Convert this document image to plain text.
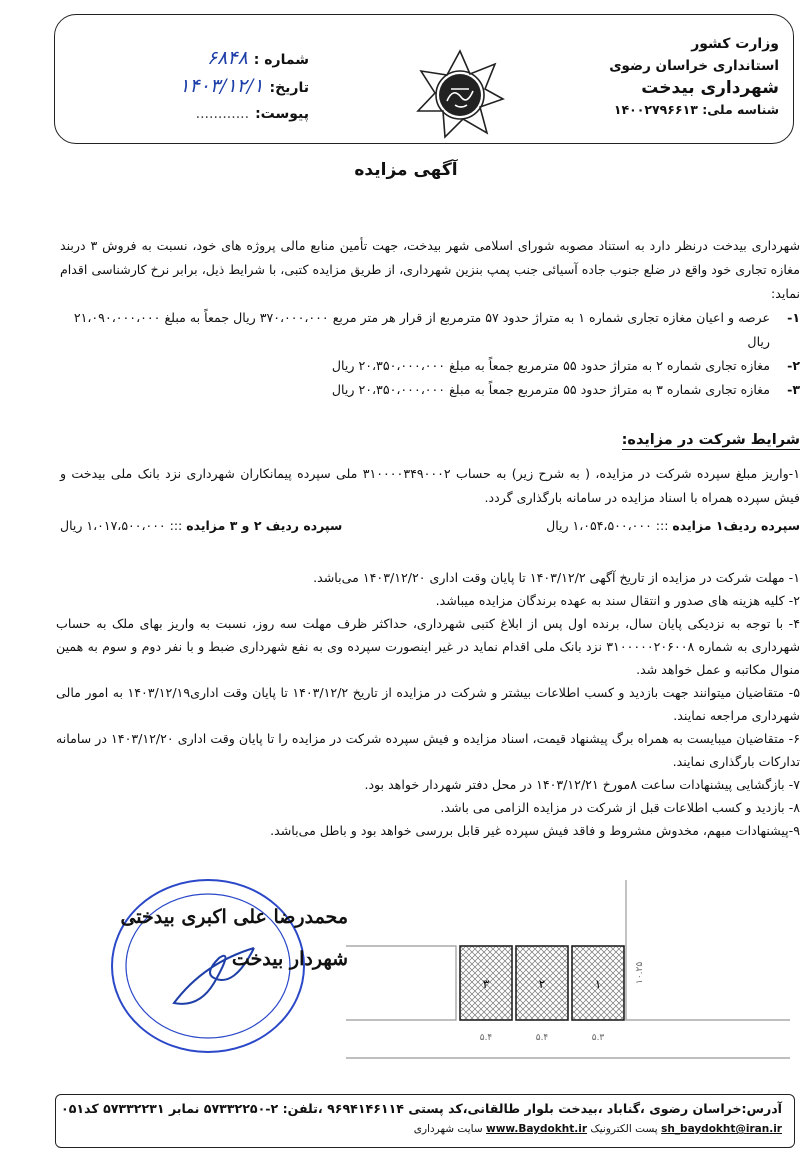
وزارت کشور
استانداری خراسان رضوی
شهرداری بیدخت
شناسه ملی: ۱۴۰۰۲۷۹۶۶۱۳
شماره :
۶۸۴۸
تاریخ:
۱۴۰۳/۱۲/۱
پیوست:
............
آگهی مزایده
شهرداری بیدخت درنظر دارد به استناد مصوبه شورای اسلامی شهر بیدخت، جهت تأمین منابع مالی پروژه های خود، نسبت به فروش ۳ دربند مغازه تجاری خود واقع در ضلع جنوب جاده آسیائی جنب پمپ بنزین شهرداری، از طریق مزایده کتبی، با شرایط ذیل، برابر نرخ کارشناسی اقدام نماید:
۱-
عرصه و اعیان مغازه تجاری شماره ۱ به متراژ حدود ۵۷ مترمربع از قرار هر متر مربع ۳۷۰،۰۰۰،۰۰۰ ریال جمعاً به مبلغ ۲۱،۰۹۰،۰۰۰،۰۰۰ ریال
۲-
مغازه تجاری شماره ۲ به متراژ حدود ۵۵ مترمربع جمعاً به مبلغ ۲۰،۳۵۰،۰۰۰،۰۰۰ ریال
۳-
مغازه تجاری شماره ۳ به متراژ حدود ۵۵ مترمربع جمعاً به مبلغ ۲۰،۳۵۰،۰۰۰،۰۰۰ ریال
شرایط شرکت در مزایده:
۱-واریز مبلغ سپرده شرکت در مزایده، ( به شرح زیر) به حساب ۳۱۰۰۰۰۳۴۹۰۰۰۲ ملی سپرده پیمانکاران شهرداری نزد بانک ملی بیدخت و فیش سپرده همراه با اسناد مزایده در سامانه بارگذاری گردد.
سپرده ردیف۱ مزایده ::: ۱،۰۵۴،۵۰۰،۰۰۰ ریال
سپرده ردیف ۲ و ۳ مزایده ::: ۱،۰۱۷،۵۰۰،۰۰۰ ریال
۱- مهلت شرکت در مزایده از تاریخ آگهی ۱۴۰۳/۱۲/۲ تا پایان وقت اداری ۱۴۰۳/۱۲/۲۰ می‌باشد.
۲- کلیه هزینه های صدور و انتقال سند به عهده برندگان مزایده میباشد.
۴- با توجه به نزدیکی پایان سال، برنده اول پس از ابلاغ کتبی شهرداری، حداکثر ظرف مهلت سه روز، نسبت به واریز بهای ملک به حساب شهرداری به شماره ۳۱۰۰۰۰۰۲۰۶۰۰۸ نزد بانک ملی اقدام نماید در غیر اینصورت سپرده وی به نفع شهرداری ضبط و با نفر دوم و سوم به همین منوال مکاتبه و عمل خواهد شد.
۵- متقاضیان میتوانند جهت بازدید و کسب اطلاعات بیشتر و شرکت در مزایده از تاریخ ۱۴۰۳/۱۲/۲ تا پایان وقت اداری۱۴۰۳/۱۲/۱۹ به امور مالی شهرداری مراجعه نمایند.
۶- متقاضیان میبایست به همراه برگ پیشنهاد قیمت، اسناد مزایده و فیش سپرده شرکت در مزایده را تا پایان وقت اداری ۱۴۰۳/۱۲/۲۰ در سامانه تدارکات بارگذاری نمایند.
۷- بازگشایی پیشنهادات ساعت ۸مورخ ۱۴۰۳/۱۲/۲۱ در محل دفتر شهردار خواهد بود.
۸- بازدید و کسب اطلاعات قبل از شرکت در مزایده الزامی می باشد.
۹-پیشنهادات مبهم، مخدوش مشروط و فاقد فیش سپرده غیر قابل بررسی خواهد بود و باطل می‌باشد.
محمدرضا علی اکبری بیدختی
شهردار بیدخت
۳	۲	۱
۵.۴	۵.۴	۵.۳
۱۰.۲۵
آدرس:خراسان رضوی ،گناباد ،بیدخت بلوار طالقانی،کد پستی ۹۶۹۴۱۴۶۱۱۴ ،تلفن: ۲-۵۷۳۳۲۲۵۰ نمابر ۵۷۳۳۲۲۳۱ کد۰۵۱
sh_baydokht@iran.ir پست الکترونیک www.Baydokht.ir سایت شهرداری
